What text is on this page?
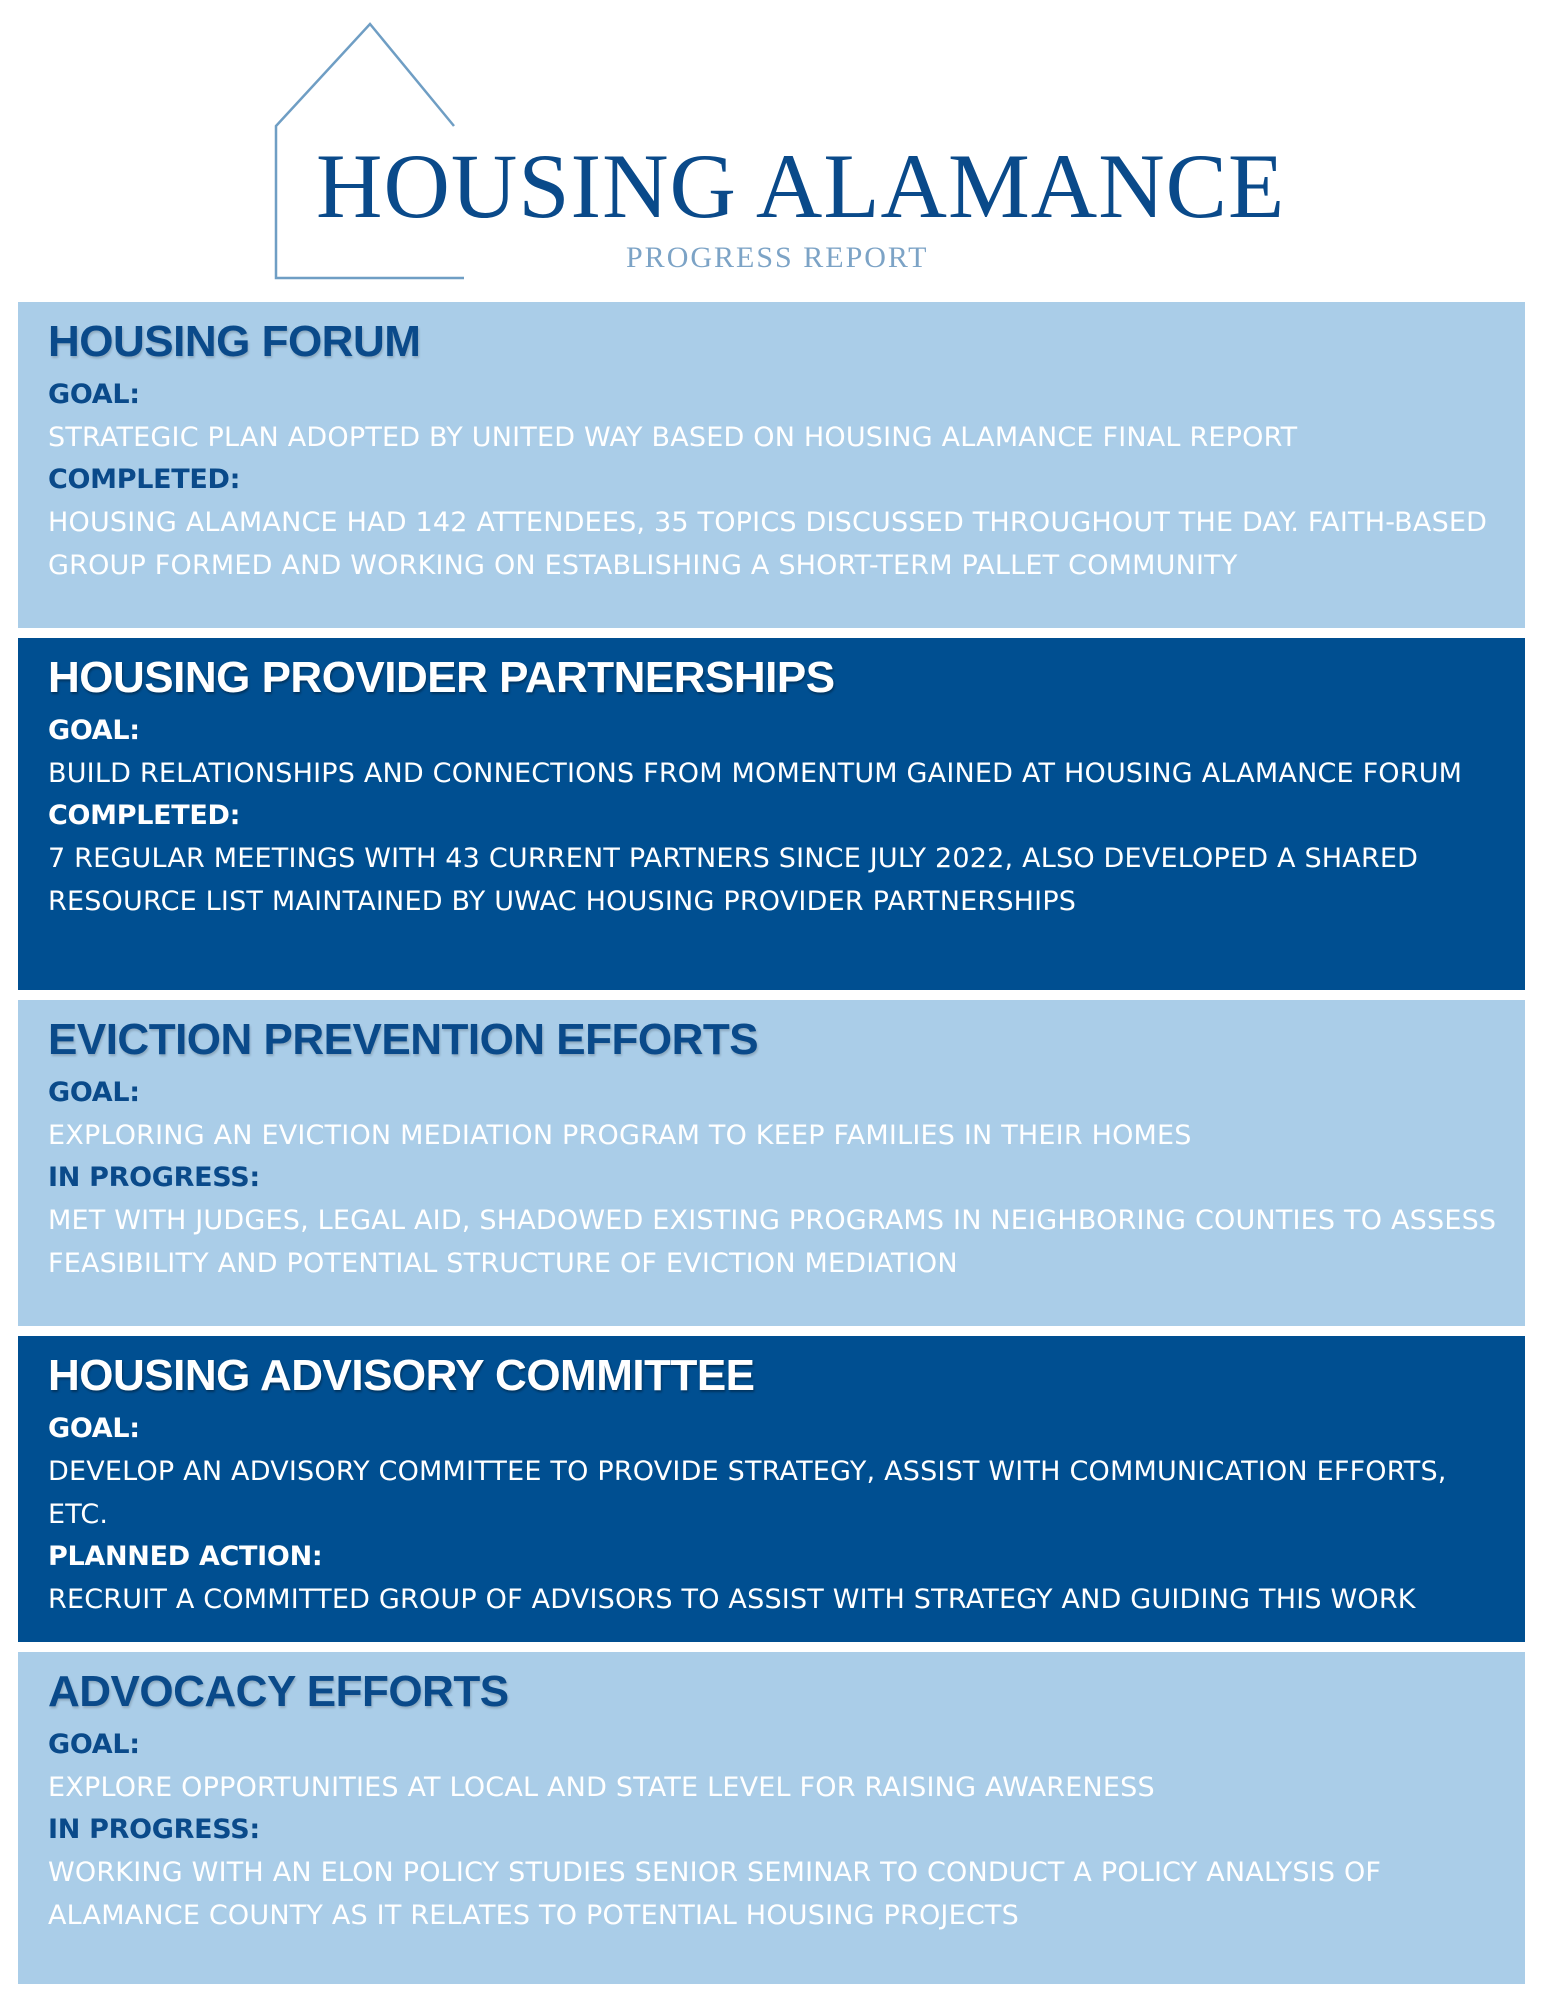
HOUSING ALAMANCE
PROGRESS REPORT
HOUSING FORUM
GOAL:
STRATEGIC PLAN ADOPTED BY UNITED WAY BASED ON HOUSING ALAMANCE FINAL REPORT
COMPLETED:
HOUSING ALAMANCE HAD 142 ATTENDEES, 35 TOPICS DISCUSSED THROUGHOUT THE DAY. FAITH-BASED GROUP FORMED AND WORKING ON ESTABLISHING A SHORT-TERM PALLET COMMUNITY
HOUSING PROVIDER PARTNERSHIPS
GOAL:
BUILD RELATIONSHIPS AND CONNECTIONS FROM MOMENTUM GAINED AT HOUSING ALAMANCE FORUM
COMPLETED:
7 REGULAR MEETINGS WITH 43 CURRENT PARTNERS SINCE JULY 2022, ALSO DEVELOPED A SHARED RESOURCE LIST MAINTAINED BY UWAC HOUSING PROVIDER PARTNERSHIPS
EVICTION PREVENTION EFFORTS
GOAL:
EXPLORING AN EVICTION MEDIATION PROGRAM TO KEEP FAMILIES IN THEIR HOMES
IN PROGRESS:
MET WITH JUDGES, LEGAL AID, SHADOWED EXISTING PROGRAMS IN NEIGHBORING COUNTIES TO ASSESS FEASIBILITY AND POTENTIAL STRUCTURE OF EVICTION MEDIATION
HOUSING ADVISORY COMMITTEE
GOAL:
DEVELOP AN ADVISORY COMMITTEE TO PROVIDE STRATEGY, ASSIST WITH COMMUNICATION EFFORTS, ETC.
PLANNED ACTION:
RECRUIT A COMMITTED GROUP OF ADVISORS TO ASSIST WITH STRATEGY AND GUIDING THIS WORK
ADVOCACY EFFORTS
GOAL:
EXPLORE OPPORTUNITIES AT LOCAL AND STATE LEVEL FOR RAISING AWARENESS
IN PROGRESS:
WORKING WITH AN ELON POLICY STUDIES SENIOR SEMINAR TO CONDUCT A POLICY ANALYSIS OF ALAMANCE COUNTY AS IT RELATES TO POTENTIAL HOUSING PROJECTS
